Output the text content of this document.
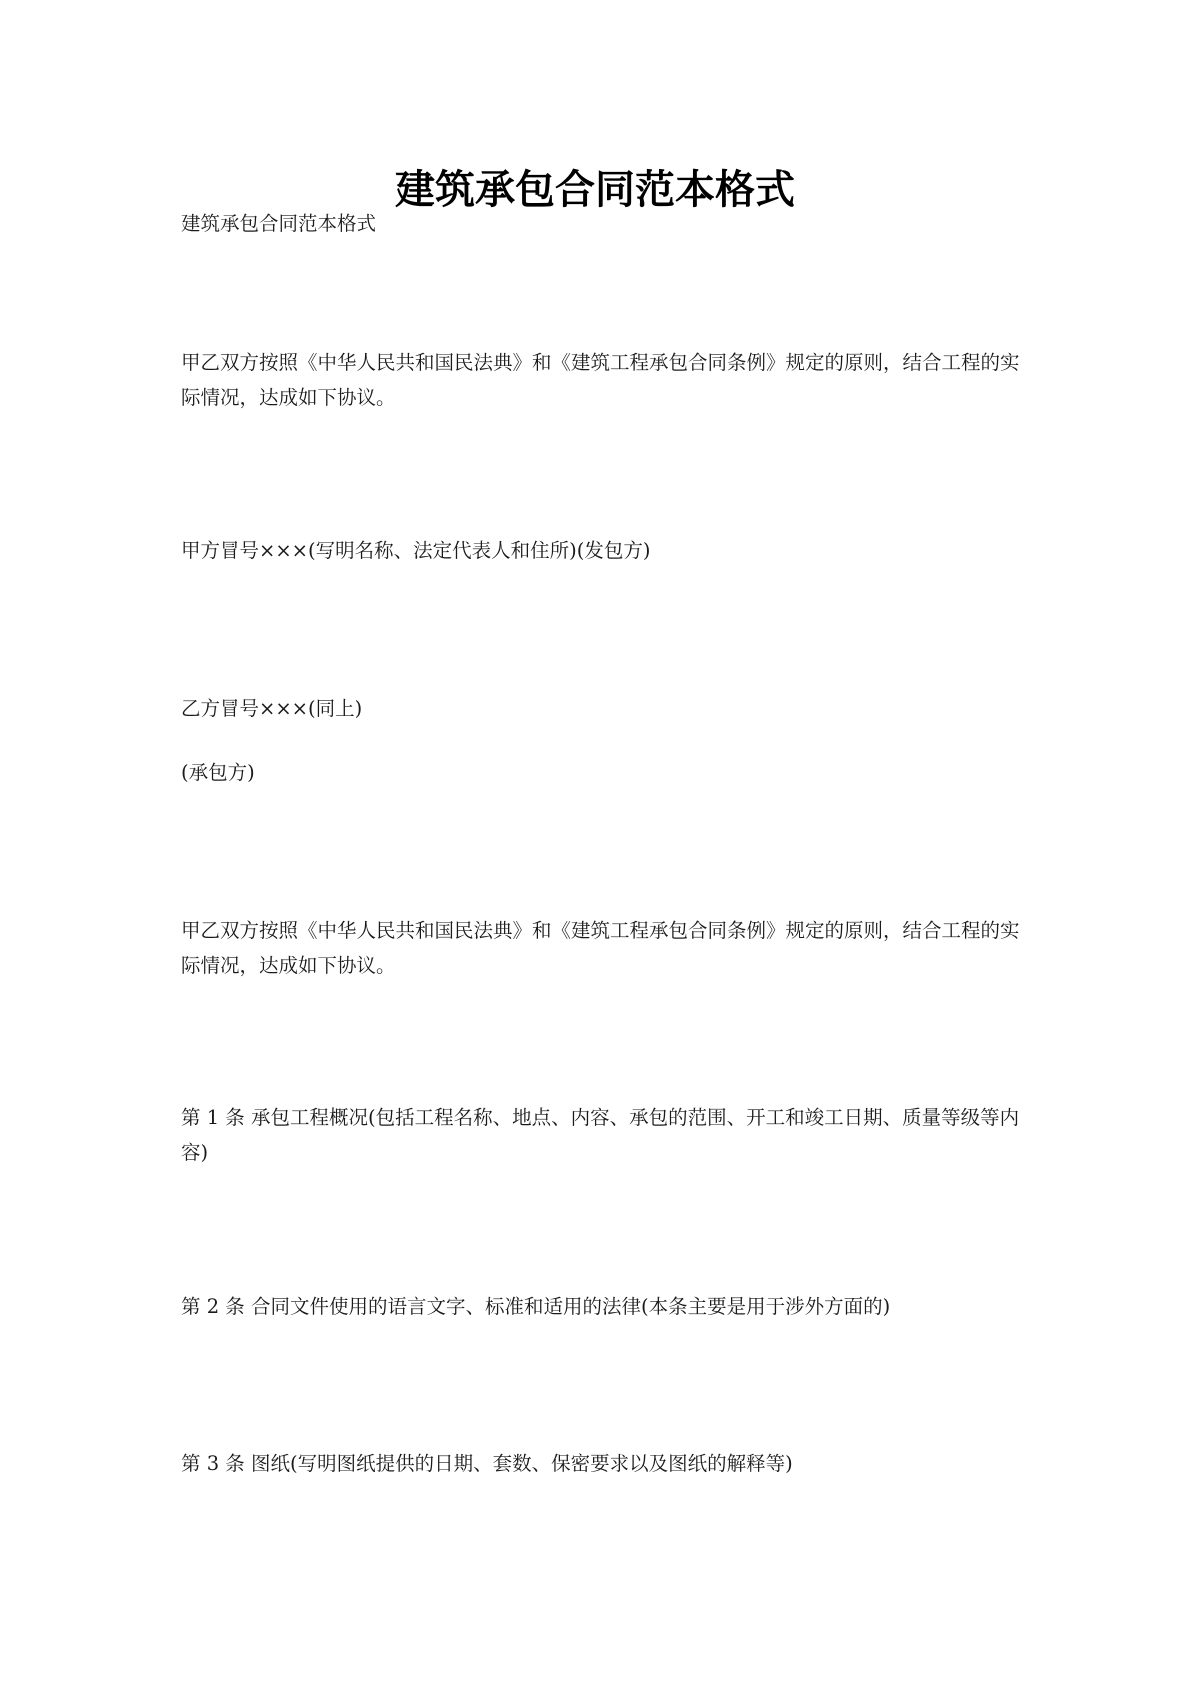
建筑承包合同范本格式
建筑承包合同范本格式
甲乙双方按照《中华人民共和国民法典》和《建筑工程承包合同条例》规定的原则，结合工程的实际情况，达成如下协议。
甲方冒号×××(写明名称、法定代表人和住所)(发包方)
乙方冒号×××(同上)
(承包方)
甲乙双方按照《中华人民共和国民法典》和《建筑工程承包合同条例》规定的原则，结合工程的实际情况，达成如下协议。
第 1 条 承包工程概况(包括工程名称、地点、内容、承包的范围、开工和竣工日期、质量等级等内容)
第 2 条 合同文件使用的语言文字、标准和适用的法律(本条主要是用于涉外方面的)
第 3 条 图纸(写明图纸提供的日期、套数、保密要求以及图纸的解释等)
